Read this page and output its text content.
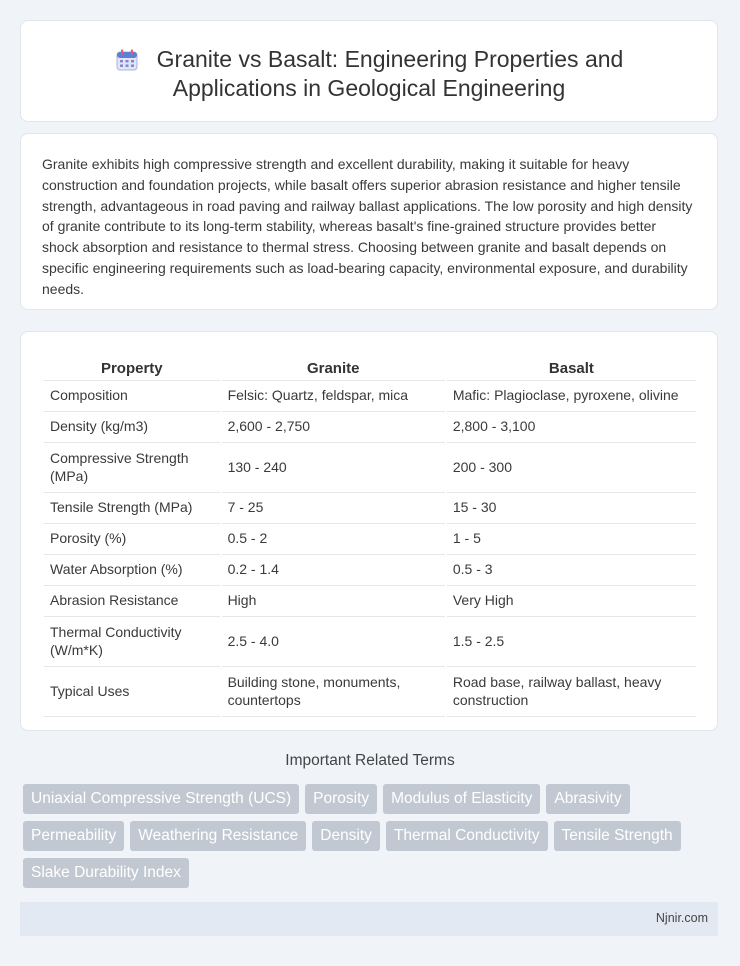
Granite vs Basalt: Engineering Properties and
Applications in Geological Engineering
Granite exhibits high compressive strength and excellent durability, making it suitable for heavy construction and foundation projects, while basalt offers superior abrasion resistance and higher tensile strength, advantageous in road paving and railway ballast applications. The low porosity and high density of granite contribute to its long-term stability, whereas basalt's fine-grained structure provides better shock absorption and resistance to thermal stress. Choosing between granite and basalt depends on specific engineering requirements such as load-bearing capacity, environmental exposure, and durability needs.
Property	Granite	Basalt
Composition	Felsic: Quartz, feldspar, mica	Mafic: Plagioclase, pyroxene, olivine
Density (kg/m3)	2,600 - 2,750	2,800 - 3,100
Compressive Strength (MPa)	130 - 240	200 - 300
Tensile Strength (MPa)	7 - 25	15 - 30
Porosity (%)	0.5 - 2	1 - 5
Water Absorption (%)	0.2 - 1.4	0.5 - 3
Abrasion Resistance	High	Very High
Thermal Conductivity (W/m*K)	2.5 - 4.0	1.5 - 2.5
Typical Uses	Building stone, monuments, countertops	Road base, railway ballast, heavy construction
Important Related Terms
Uniaxial Compressive Strength (UCS)	Porosity	Modulus of Elasticity	Abrasivity
Permeability	Weathering Resistance	Density	Thermal Conductivity	Tensile Strength
Slake Durability Index
Njnir.com
